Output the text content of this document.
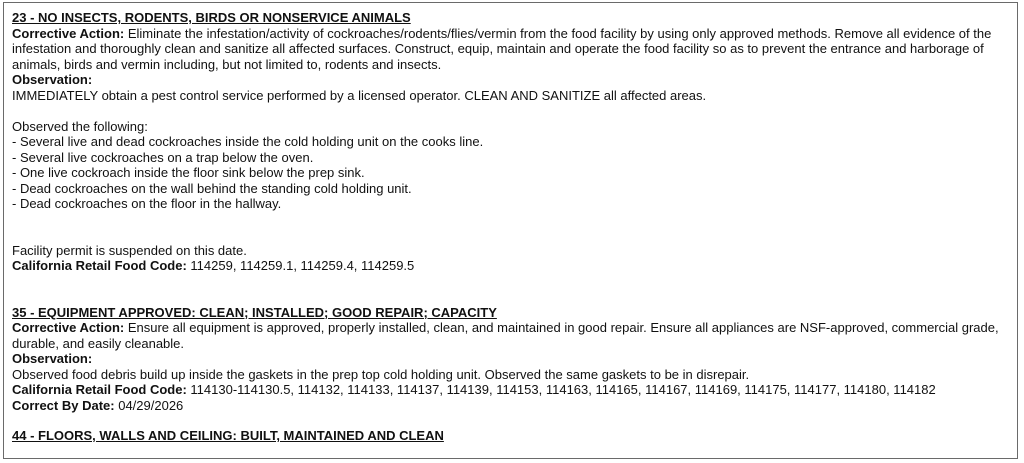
23 - NO INSECTS, RODENTS, BIRDS OR NONSERVICE ANIMALS
Corrective Action: Eliminate the infestation/activity of cockroaches/rodents/flies/vermin from the food facility by using only approved methods. Remove all evidence of the infestation and thoroughly clean and sanitize all affected surfaces. Construct, equip, maintain and operate the food facility so as to prevent the entrance and harborage of animals, birds and vermin including, but not limited to, rodents and insects.
Observation:
IMMEDIATELY obtain a pest control service performed by a licensed operator. CLEAN AND SANITIZE all affected areas.
Observed the following:
- Several live and dead cockroaches inside the cold holding unit on the cooks line.
- Several live cockroaches on a trap below the oven.
- One live cockroach inside the floor sink below the prep sink.
- Dead cockroaches on the wall behind the standing cold holding unit.
- Dead cockroaches on the floor in the hallway.
Facility permit is suspended on this date.
California Retail Food Code: 114259, 114259.1, 114259.4, 114259.5
35 - EQUIPMENT APPROVED: CLEAN; INSTALLED; GOOD REPAIR; CAPACITY
Corrective Action: Ensure all equipment is approved, properly installed, clean, and maintained in good repair. Ensure all appliances are NSF-approved, commercial grade, durable, and easily cleanable.
Observation:
Observed food debris build up inside the gaskets in the prep top cold holding unit. Observed the same gaskets to be in disrepair.
California Retail Food Code: 114130-114130.5, 114132, 114133, 114137, 114139, 114153, 114163, 114165, 114167, 114169, 114175, 114177, 114180, 114182
Correct By Date: 04/29/2026
44 - FLOORS, WALLS AND CEILING: BUILT, MAINTAINED AND CLEAN
